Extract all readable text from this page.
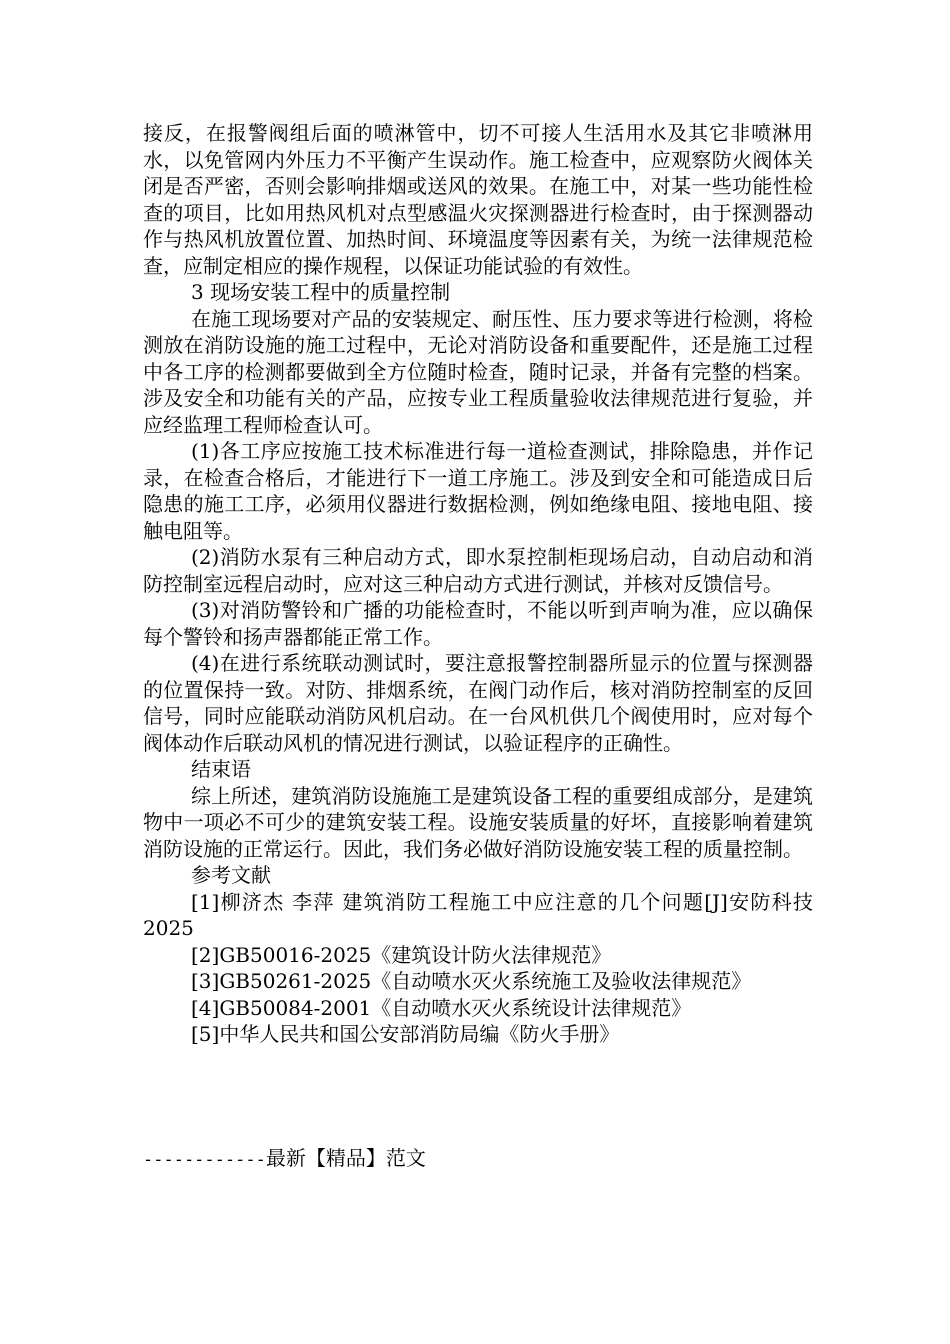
接反，在报警阀组后面的喷淋管中，切不可接人生活用水及其它非喷淋用水，以免管网内外压力不平衡产生误动作。施工检查中，应观察防火阀体关闭是否严密，否则会影响排烟或送风的效果。在施工中，对某一些功能性检查的项目，比如用热风机对点型感温火灾探测器进行检查时，由于探测器动作与热风机放置位置、加热时间、环境温度等因素有关，为统一法律规范检查，应制定相应的操作规程，以保证功能试验的有效性。

3 现场安装工程中的质量控制

在施工现场要对产品的安装规定、耐压性、压力要求等进行检测，将检测放在消防设施的施工过程中，无论对消防设备和重要配件，还是施工过程中各工序的检测都要做到全方位随时检查，随时记录，并备有完整的档案。涉及安全和功能有关的产品，应按专业工程质量验收法律规范进行复验，并应经监理工程师检查认可。

(1)各工序应按施工技术标准进行每一道检查测试，排除隐患，并作记录，在检查合格后，才能进行下一道工序施工。涉及到安全和可能造成日后隐患的施工工序，必须用仪器进行数据检测，例如绝缘电阻、接地电阻、接触电阻等。

(2)消防水泵有三种启动方式，即水泵控制柜现场启动，自动启动和消防控制室远程启动时，应对这三种启动方式进行测试，并核对反馈信号。

(3)对消防警铃和广播的功能检查时，不能以听到声响为准，应以确保每个警铃和扬声器都能正常工作。

(4)在进行系统联动测试时，要注意报警控制器所显示的位置与探测器的位置保持一致。对防、排烟系统，在阀门动作后，核对消防控制室的反回信号，同时应能联动消防风机启动。在一台风机供几个阀使用时，应对每个阀体动作后联动风机的情况进行测试，以验证程序的正确性。

结束语

综上所述，建筑消防设施施工是建筑设备工程的重要组成部分，是建筑物中一项必不可少的建筑安装工程。设施安装质量的好坏，直接影响着建筑消防设施的正常运行。因此，我们务必做好消防设施安装工程的质量控制。

参考文献

[1]柳济杰 李萍 建筑消防工程施工中应注意的几个问题[J]安防科技 2025

[2]GB50016-2025《建筑设计防火法律规范》

[3]GB50261-2025《自动喷水灭火系统施工及验收法律规范》

[4]GB50084-2001《自动喷水灭火系统设计法律规范》

[5]中华人民共和国公安部消防局编《防火手册》

------------最新【精品】范文
